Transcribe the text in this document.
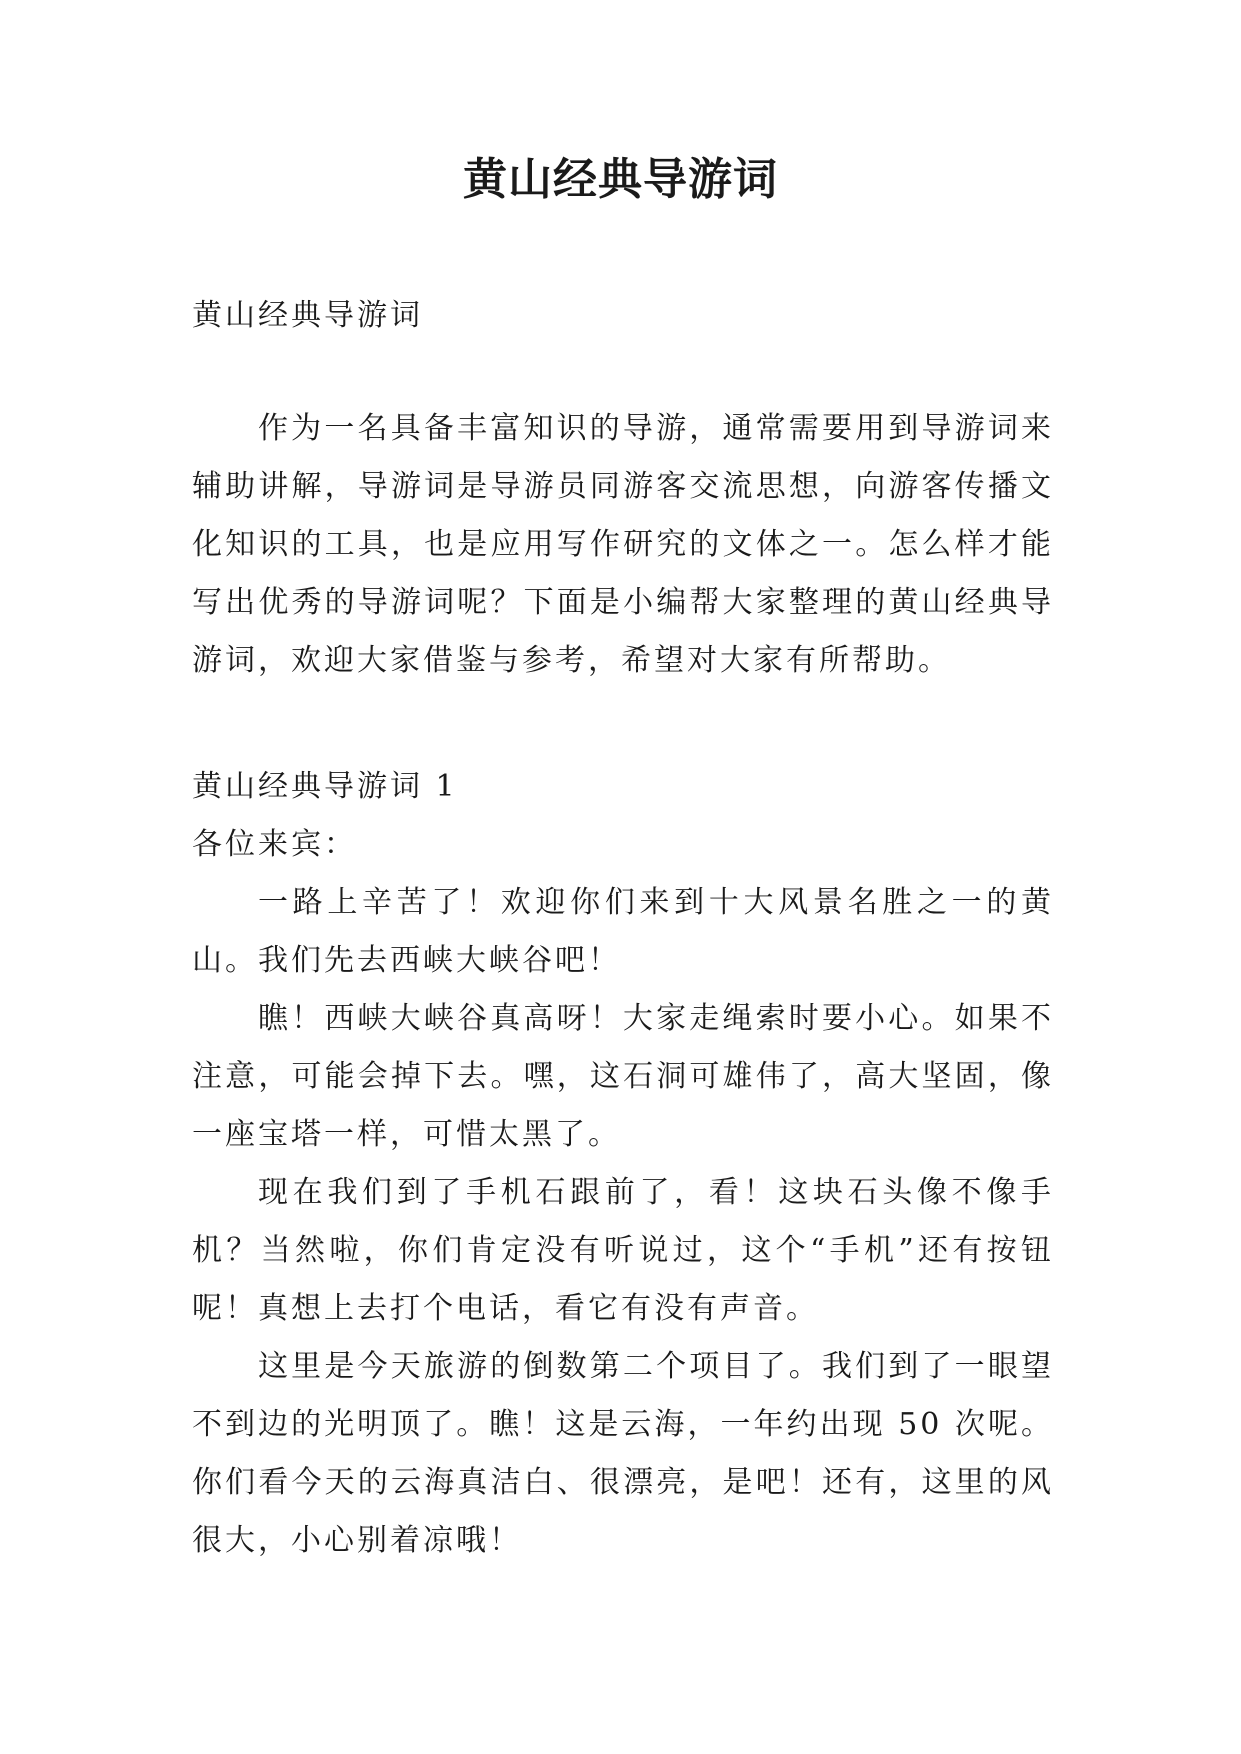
黄山经典导游词
黄山经典导游词
作为一名具备丰富知识的导游，通常需要用到导游词来辅助讲解，导游词是导游员同游客交流思想，向游客传播文化知识的工具，也是应用写作研究的文体之一。怎么样才能写出优秀的导游词呢？下面是小编帮大家整理的黄山经典导游词，欢迎大家借鉴与参考，希望对大家有所帮助。
黄山经典导游词 1
各位来宾：

一路上辛苦了！欢迎你们来到十大风景名胜之一的黄山。我们先去西峡大峡谷吧！

瞧！西峡大峡谷真高呀！大家走绳索时要小心。如果不注意，可能会掉下去。嘿，这石洞可雄伟了，高大坚固，像一座宝塔一样，可惜太黑了。

现在我们到了手机石跟前了，看！这块石头像不像手机？当然啦，你们肯定没有听说过，这个“手机”还有按钮呢！真想上去打个电话，看它有没有声音。

这里是今天旅游的倒数第二个项目了。我们到了一眼望不到边的光明顶了。瞧！这是云海，一年约出现 50 次呢。你们看今天的云海真洁白、很漂亮，是吧！还有，这里的风很大，小心别着凉哦！
